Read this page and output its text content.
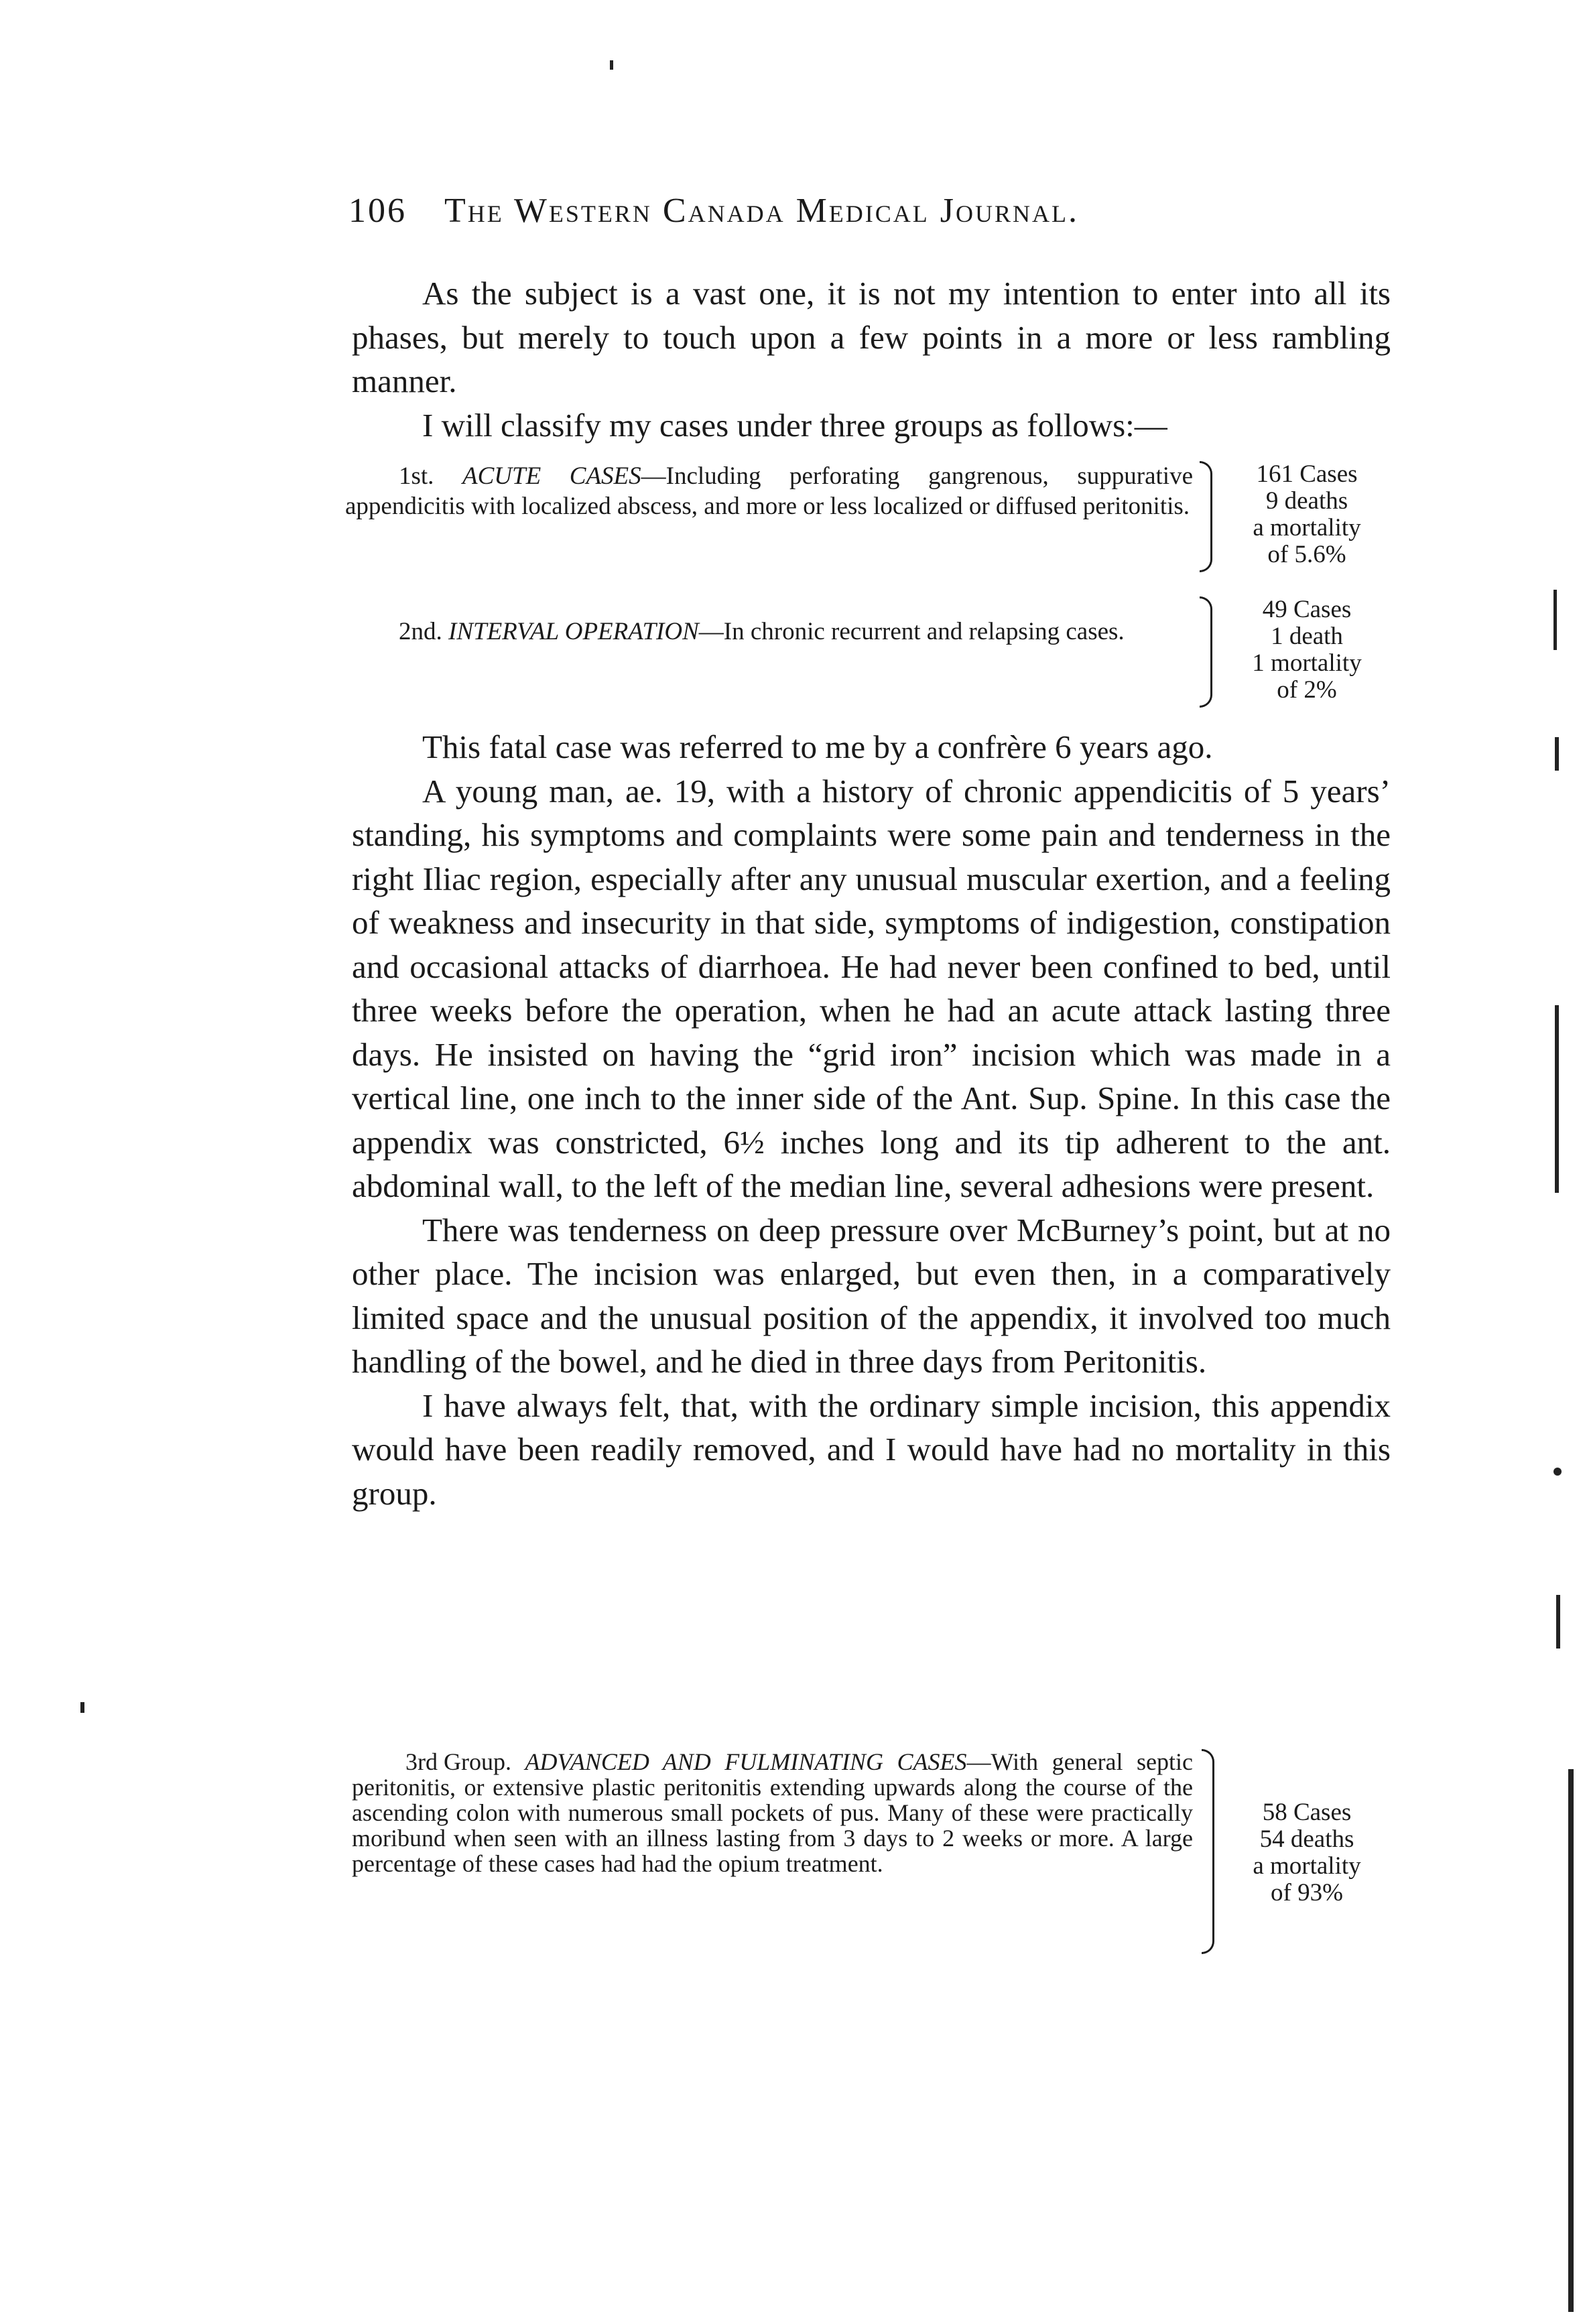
106 The Western Canada Medical Journal.

As the subject is a vast one, it is not my intention to enter into all its phases, but merely to touch upon a few points in a more or less rambling manner.

I will classify my cases under three groups as follows:—

1st. ACUTE CASES—Including perforating gangrenous, suppurative appendicitis with localized abscess, and more or less localized or diffused peritonitis.
161 Cases
9 deaths
a mortality
of 5.6%
2nd. INTERVAL OPERATION—In chronic recurrent and relapsing cases.
49 Cases
1 death
1 mortality
of 2%

This fatal case was referred to me by a confrère 6 years ago.

A young man, ae. 19, with a history of chronic appendicitis of 5 years’ standing, his symptoms and complaints were some pain and tenderness in the right Iliac region, especially after any unusual muscular exertion, and a feeling of weakness and insecurity in that side, symptoms of indigestion, constipation and occasional attacks of diarrhoea. He had never been confined to bed, until three weeks before the operation, when he had an acute attack lasting three days. He insisted on having the “grid iron” incision which was made in a vertical line, one inch to the inner side of the Ant. Sup. Spine. In this case the appendix was constricted, 6½ inches long and its tip adherent to the ant. abdominal wall, to the left of the median line, several adhesions were present.

There was tenderness on deep pressure over McBurney’s point, but at no other place. The incision was enlarged, but even then, in a comparatively limited space and the unusual position of the appendix, it involved too much handling of the bowel, and he died in three days from Peritonitis.

I have always felt, that, with the ordinary simple incision, this appendix would have been readily removed, and I would have had no mortality in this group.

3rd Group. ADVANCED AND FULMINATING CASES—With general septic peritonitis, or extensive plastic peritonitis extending upwards along the course of the ascending colon with numerous small pockets of pus. Many of these were practically moribund when seen with an illness lasting from 3 days to 2 weeks or more. A large percentage of these cases had had the opium treatment.
58 Cases
54 deaths
a mortality
of 93%
